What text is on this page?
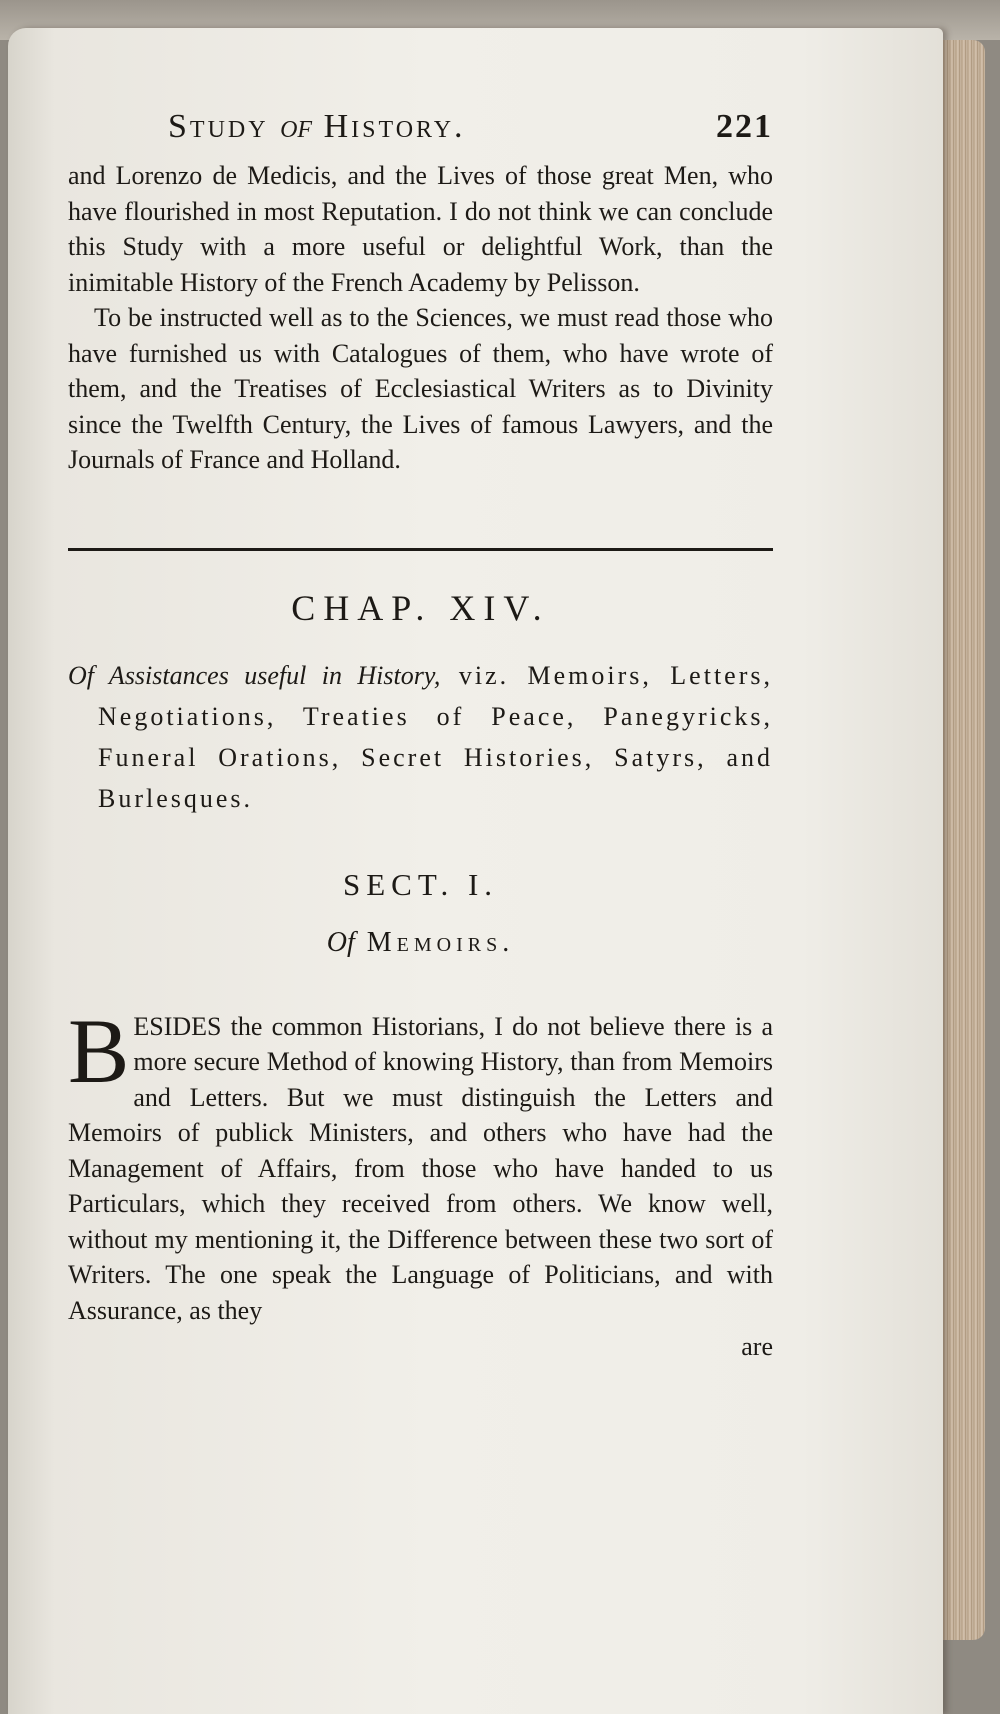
Study of History.	221

and Lorenzo de Medicis, and the Lives of those great Men, who have flourished in most Reputation. I do not think we can conclude this Study with a more useful or delightful Work, than the inimitable History of the French Academy by Pelisson.

To be instructed well as to the Sciences, we must read those who have furnished us with Catalogues of them, who have wrote of them, and the Treatises of Ecclesiastical Writers as to Divinity since the Twelfth Century, the Lives of famous Lawyers, and the Journals of France and Holland.

CHAP. XIV.

Of Assistances useful in History, viz. Memoirs, Letters, Negotiations, Treaties of Peace, Panegyricks, Funeral Orations, Secret Histories, Satyrs, and Burlesques.

SECT. I.
Of Memoirs.
B ESIDES the common Historians, I do not believe there is a more secure Method of knowing History, than from Memoirs and Letters. But we must distinguish the Letters and Memoirs of publick Ministers, and others who have had the Management of Affairs, from those who have handed to us Particulars, which they received from others. We know well, without my mentioning it, the Difference between these two sort of Writers. The one speak the Language of Politicians, and with Assurance, as they

are
